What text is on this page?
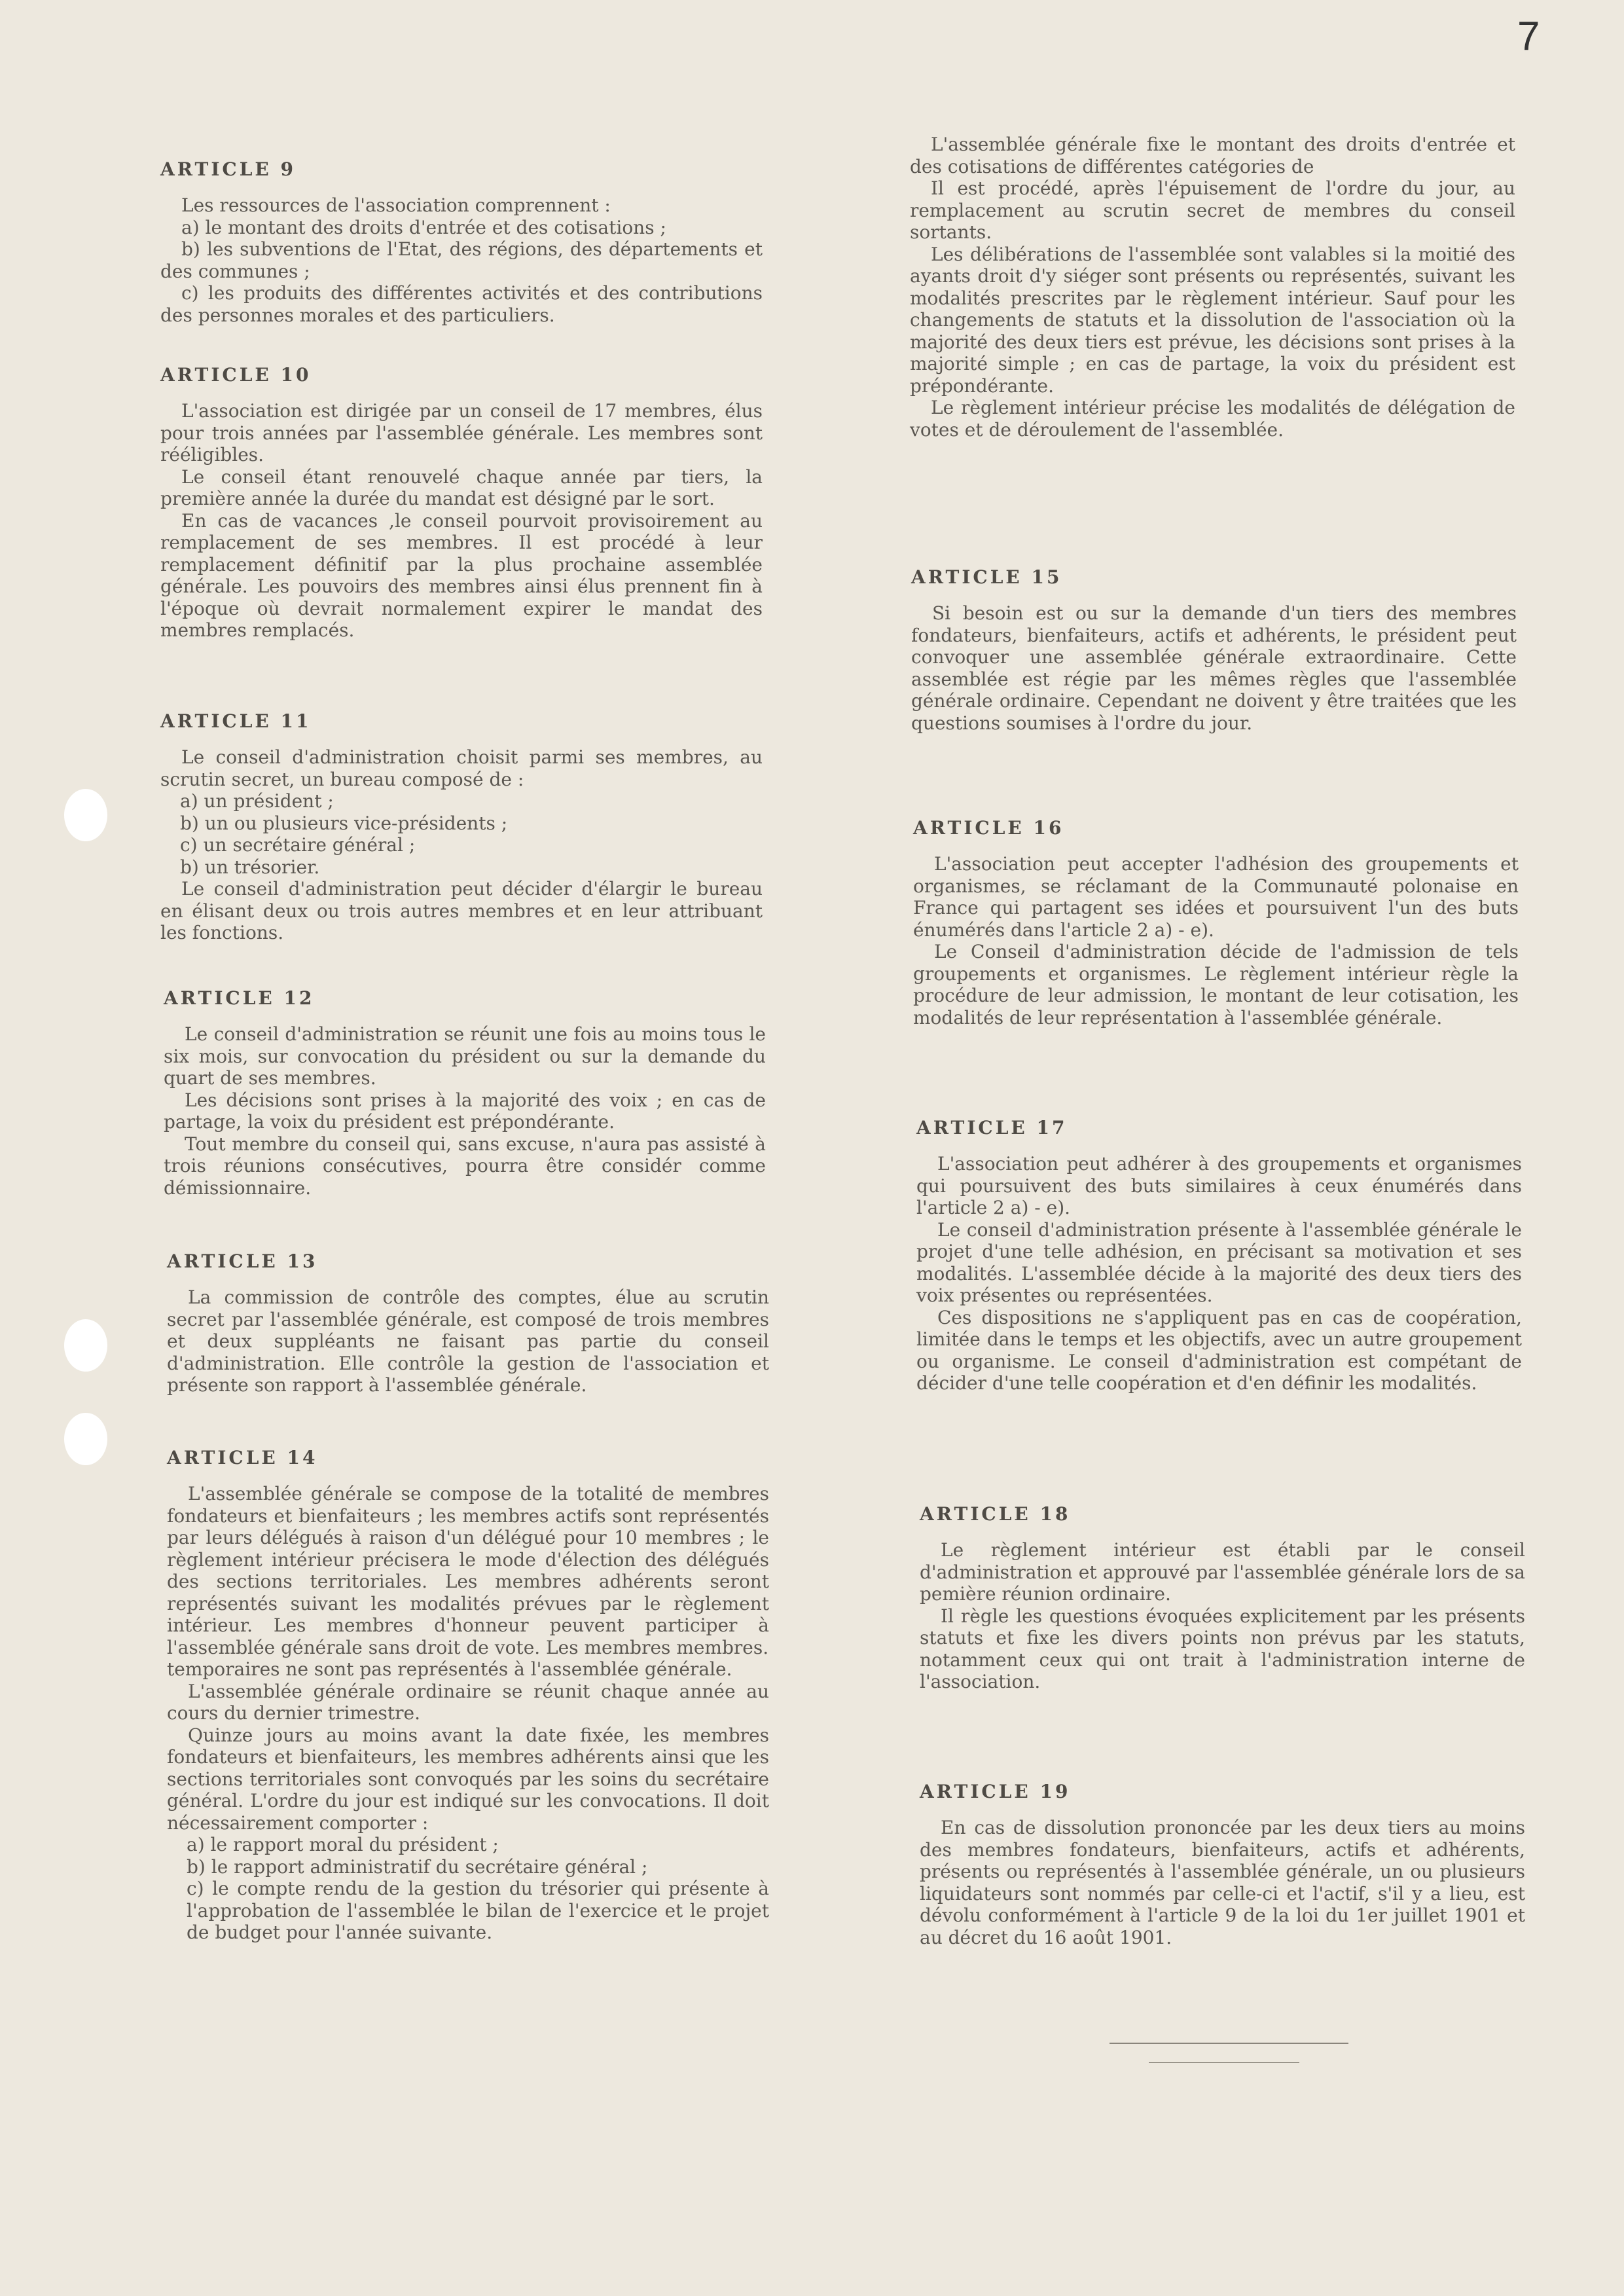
7
ARTICLE 9

Les ressources de l'association comprennent :

a) le montant des droits d'entrée et des cotisations ;

b) les subventions de l'Etat, des régions, des départements et des communes ;

c) les produits des différentes activités et des contributions des personnes morales et des particuliers.

ARTICLE 10

L'association est dirigée par un conseil de 17 membres, élus pour trois années par l'assemblée générale. Les membres sont rééligibles.

Le conseil étant renouvelé chaque année par tiers, la première année la durée du mandat est désigné par le sort.

En cas de vacances ,le conseil pourvoit provisoirement au remplacement de ses membres. Il est procédé à leur remplacement définitif par la plus prochaine assemblée générale. Les pouvoirs des membres ainsi élus prennent fin à l'époque où devrait normalement expirer le mandat des membres remplacés.

ARTICLE 11

Le conseil d'administration choisit parmi ses membres, au scrutin secret, un bureau composé de :

a) un président ;

b) un ou plusieurs vice-présidents ;

c) un secrétaire général ;

b) un trésorier.

Le conseil d'administration peut décider d'élargir le bureau en élisant deux ou trois autres membres et en leur attribuant les fonctions.

ARTICLE 12

Le conseil d'administration se réunit une fois au moins tous le six mois, sur convocation du président ou sur la demande du quart de ses membres.

Les décisions sont prises à la majorité des voix ; en cas de partage, la voix du président est prépondérante.

Tout membre du conseil qui, sans excuse, n'aura pas assisté à trois réunions consécutives, pourra être considér comme démissionnaire.

ARTICLE 13

La commission de contrôle des comptes, élue au scrutin secret par l'assemblée générale, est composé de trois membres et deux suppléants ne faisant pas partie du conseil d'administration. Elle contrôle la gestion de l'association et présente son rapport à l'assemblée générale.

ARTICLE 14

L'assemblée générale se compose de la totalité de membres fondateurs et bienfaiteurs ; les membres actifs sont représentés par leurs délégués à raison d'un délégué pour 10 membres ; le règlement intérieur précisera le mode d'élection des délégués des sections territoriales. Les membres adhérents seront représentés suivant les modalités prévues par le règlement intérieur. Les membres d'honneur peuvent participer à l'assemblée générale sans droit de vote. Les membres membres.

temporaires ne sont pas représentés à l'assemblée générale.

L'assemblée générale ordinaire se réunit chaque année au cours du dernier trimestre.

Quinze jours au moins avant la date fixée, les membres fondateurs et bienfaiteurs, les membres adhérents ainsi que les sections territoriales sont convoqués par les soins du secrétaire général. L'ordre du jour est indiqué sur les convocations. Il doit nécessairement comporter :

a) le rapport moral du président ;

b) le rapport administratif du secrétaire général ;

c) le compte rendu de la gestion du trésorier qui présente à l'approbation de l'assemblée le bilan de l'exercice et le projet de budget pour l'année suivante.

L'assemblée générale fixe le montant des droits d'entrée et des cotisations de différentes catégories de

Il est procédé, après l'épuisement de l'ordre du jour, au remplacement au scrutin secret de membres du conseil sortants.

Les délibérations de l'assemblée sont valables si la moitié des ayants droit d'y siéger sont présents ou représentés, suivant les modalités prescrites par le règlement intérieur. Sauf pour les changements de statuts et la dissolution de l'association où la majorité des deux tiers est prévue, les décisions sont prises à la majorité simple ; en cas de partage, la voix du président est prépondérante.

Le règlement intérieur précise les modalités de délégation de votes et de déroulement de l'assemblée.

ARTICLE 15

Si besoin est ou sur la demande d'un tiers des membres fondateurs, bienfaiteurs, actifs et adhérents, le président peut convoquer une assemblée générale extraordinaire. Cette assemblée est régie par les mêmes règles que l'assemblée générale ordinaire. Cependant ne doivent y être traitées que les questions soumises à l'ordre du jour.

ARTICLE 16

L'association peut accepter l'adhésion des groupements et organismes, se réclamant de la Communauté polonaise en France qui partagent ses idées et poursuivent l'un des buts énumérés dans l'article 2 a) - e).

Le Conseil d'administration décide de l'admission de tels groupements et organismes. Le règlement intérieur règle la procédure de leur admission, le montant de leur cotisation, les modalités de leur représentation à l'assemblée générale.

ARTICLE 17

L'association peut adhérer à des groupements et organismes qui poursuivent des buts similaires à ceux énumérés dans l'article 2 a) - e).

Le conseil d'administration présente à l'assemblée générale le projet d'une telle adhésion, en précisant sa motivation et ses modalités. L'assemblée décide à la majorité des deux tiers des voix présentes ou représentées.

Ces dispositions ne s'appliquent pas en cas de coopération, limitée dans le temps et les objectifs, avec un autre groupement ou organisme. Le conseil d'administration est compétant de décider d'une telle coopération et d'en définir les modalités.

ARTICLE 18

Le règlement intérieur est établi par le conseil d'administration et approuvé par l'assemblée générale lors de sa pemière réunion ordinaire.

Il règle les questions évoquées explicitement par les présents statuts et fixe les divers points non prévus par les statuts, notamment ceux qui ont trait à l'administration interne de l'association.

ARTICLE 19

En cas de dissolution prononcée par les deux tiers au moins des membres fondateurs, bienfaiteurs, actifs et adhérents, présents ou représentés à l'assemblée générale, un ou plusieurs liquidateurs sont nommés par celle-ci et l'actif, s'il y a lieu, est dévolu conformément à l'article 9 de la loi du 1er juillet 1901 et au décret du 16 août 1901.
